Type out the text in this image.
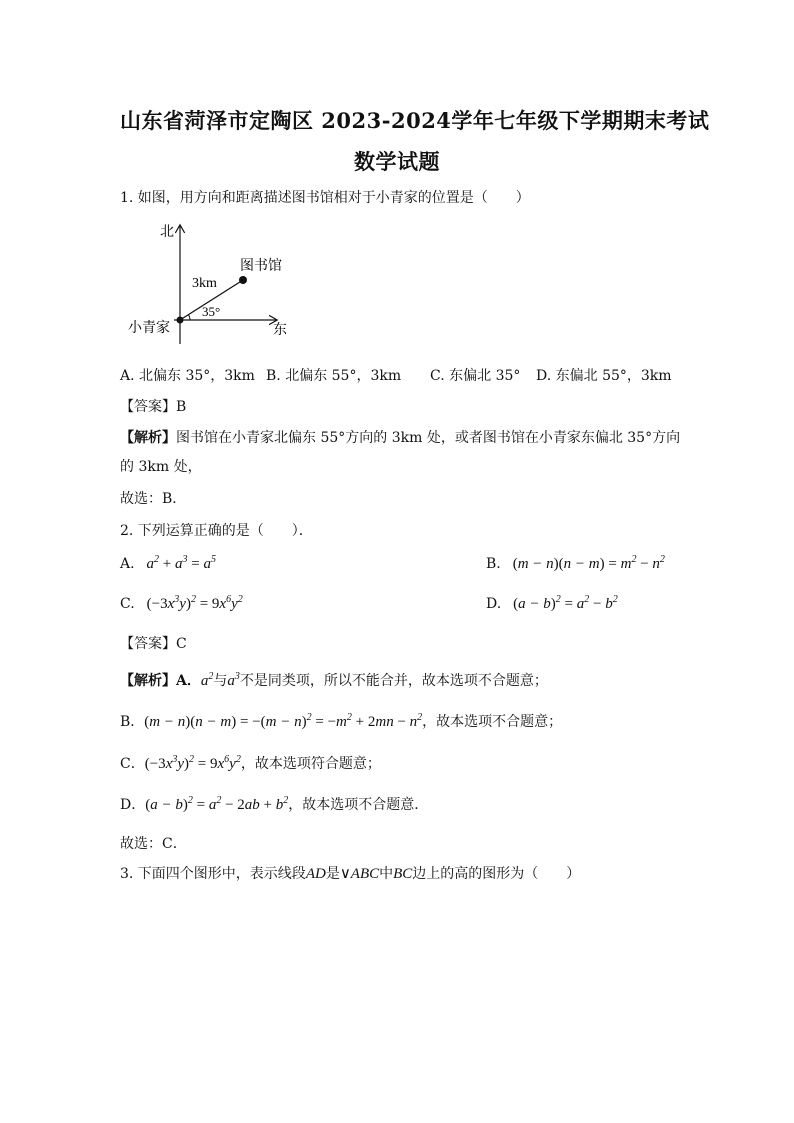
山东省菏泽市定陶区 2023-2024学年七年级下学期期末考试
数学试题
1. 如图，用方向和距离描述图书馆相对于小青家的位置是（　　）
北
东
小青家
图书馆
3km
35°
A. 北偏东 35°，3km B. 北偏东 55°，3km C. 东偏北 35° D. 东偏北 55°，3km
【答案】B
【解析】图书馆在小青家北偏东 55°方向的 3km 处，或者图书馆在小青家东偏北 35°方向
的 3km 处，
故选：B．
2. 下列运算正确的是（　　）．
A.  $a^2 + a^3 = a^5$	B.   $(m - n)(n - m) = m^2 - n^2$
C.   $(-3x^3y)^2 = 9x^6y^2$	D.   $(a - b)^2 = a^2 - b^2$
【答案】C
【解析】A．$a^2$与$a^3$不是同类项，所以不能合并，故本选项不合题意；
B．$(m - n)(n - m) = -(m - n)^2 = -m^2 + 2mn - n^2$，故本选项不合题意；
C．$(-3x^3y)^2 = 9x^6y^2$，故本选项符合题意；
D．$(a - b)^2 = a^2 - 2ab + b^2$，故本选项不合题意．
故选：C．
3. 下面四个图形中，表示线段AD是∨ABC中BC边上的高的图形为（　　）
